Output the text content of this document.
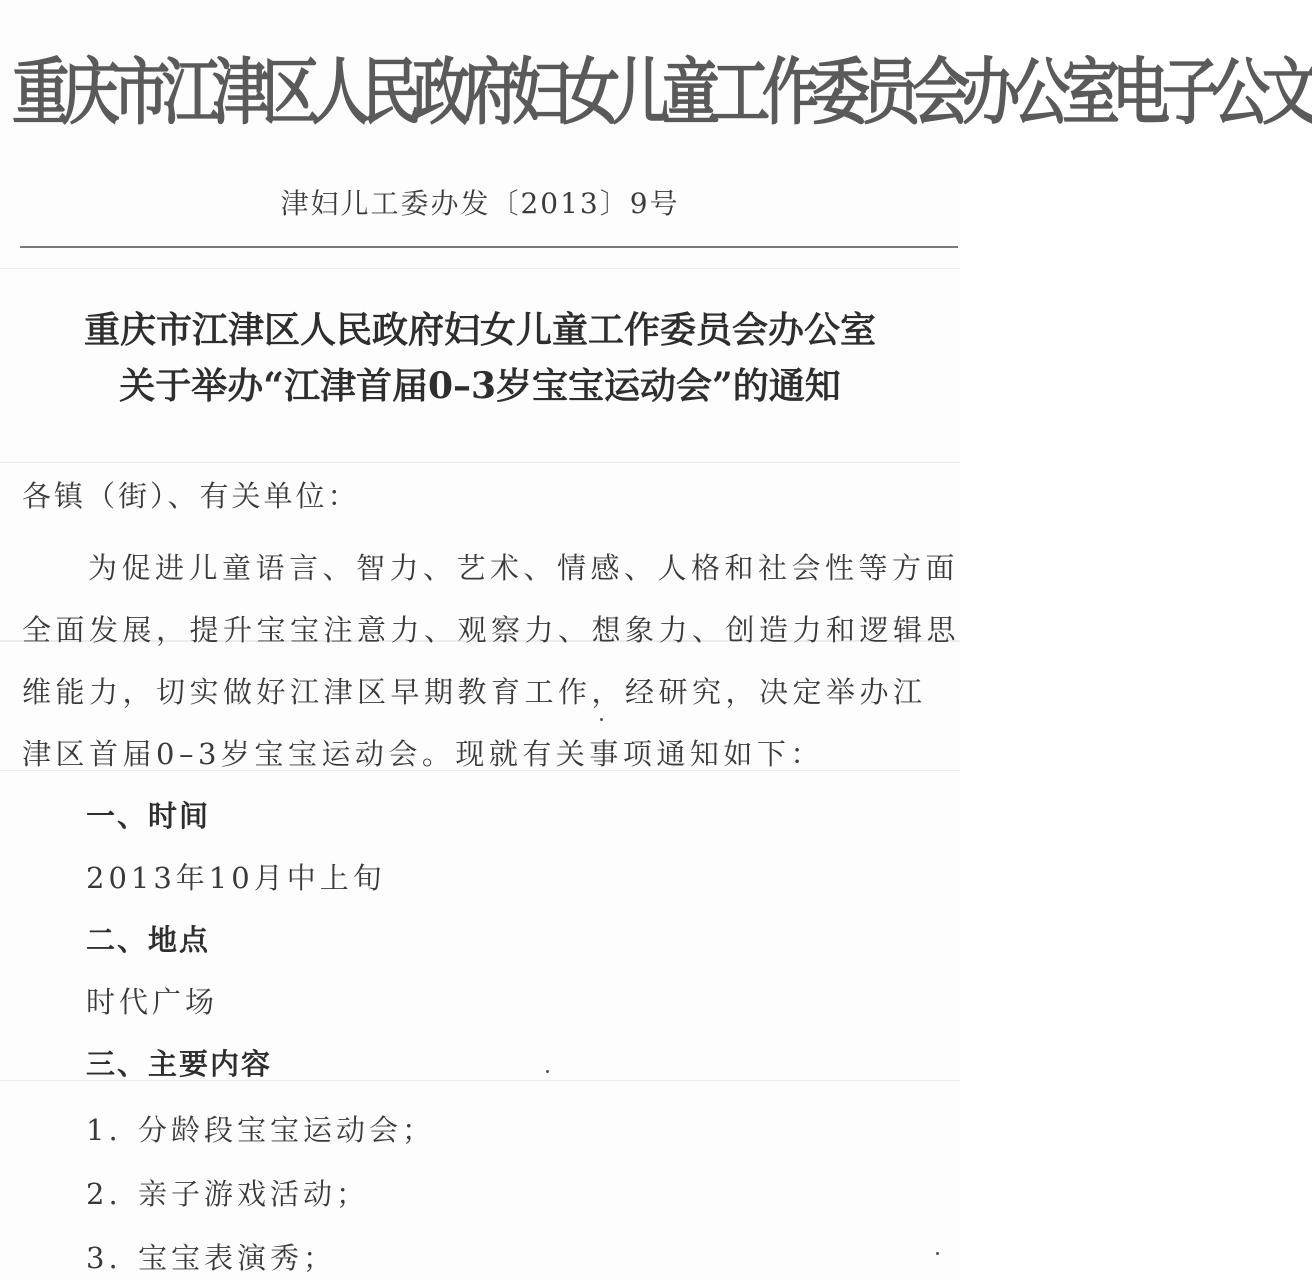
重庆市江津区人民政府妇女儿童工作委员会办公室电子公文
津妇儿工委办发〔2013〕9号
重庆市江津区人民政府妇女儿童工作委员会办公室
关于举办“江津首届0–3岁宝宝运动会”的通知
各镇（街）、有关单位：
为促进儿童语言、智力、艺术、情感、人格和社会性等方面
全面发展，提升宝宝注意力、观察力、想象力、创造力和逻辑思
维能力，切实做好江津区早期教育工作，经研究，决定举办江
津区首届0–3岁宝宝运动会。现就有关事项通知如下：
一、时间
2013年10月中上旬
二、地点
时代广场
三、主要内容
1. 分龄段宝宝运动会；
2. 亲子游戏活动；
3. 宝宝表演秀；
